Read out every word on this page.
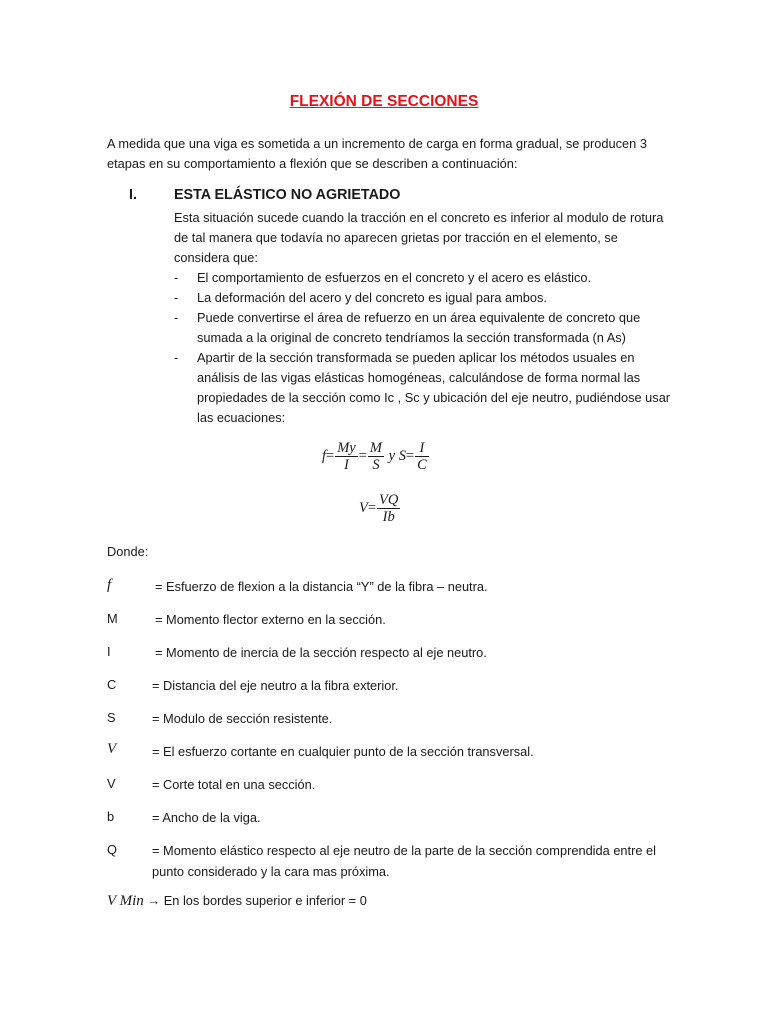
FLEXIÓN DE SECCIONES
A medida que una viga es sometida a un incremento de carga en forma gradual, se producen 3 etapas en su comportamiento a flexión que se describen a continuación:
I.	ESTA ELÁSTICO NO AGRIETADO
Esta situación sucede cuando la tracción en el concreto es inferior al modulo de rotura de tal manera que todavía no aparecen grietas por tracción en el elemento, se considera que:
- El comportamiento de esfuerzos en el concreto y el acero es elástico.
- La deformación del acero y del concreto es igual para ambos.
- Puede convertirse el área de refuerzo en un área equivalente de concreto que sumada a la original de concreto tendríamos la sección transformada (n As)
- Apartir de la sección transformada se pueden aplicar los métodos usuales en análisis de las vigas elásticas homogéneas, calculándose de forma normal las propiedades de la sección como Ic , Sc y ubicación del eje neutro, pudiéndose usar las ecuaciones:
$f= \frac{My}{I} = \frac{M}{S}$ y $S= \frac{I}{C}$
$V= \frac{VQ}{Ib}$
Donde:
f	= Esfuerzo de flexion a la distancia “Y” de la fibra – neutra.
M	= Momento flector externo en la sección.
I	= Momento de inercia de la sección respecto al eje neutro.
C	= Distancia del eje neutro a la fibra exterior.
S	= Modulo de sección resistente.
V	= El esfuerzo cortante en cualquier punto de la sección transversal.
V	= Corte total en una sección.
b	= Ancho de la viga.
Q	= Momento elástico respecto al eje neutro de la parte de la sección comprendida entre el punto considerado y la cara mas próxima.
V Min → En los bordes superior e inferior = 0
